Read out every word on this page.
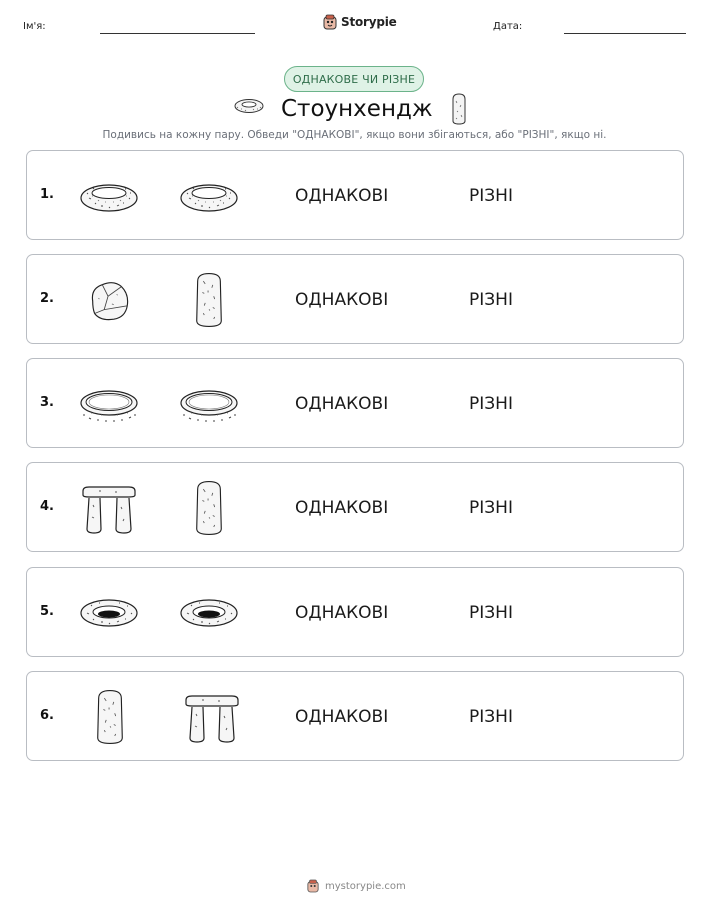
Ім'я:	Storypie	Дата:
ОДНАКОВЕ ЧИ РІЗНЕ
Стоунхендж
Подивись на кожну пару. Обведи "ОДНАКОВІ", якщо вони збігаються, або "РІЗНІ", якщо ні.
1.	ОДНАКОВІ	РІЗНІ
2.	ОДНАКОВІ	РІЗНІ
3.	ОДНАКОВІ	РІЗНІ
4.	ОДНАКОВІ	РІЗНІ
5.	ОДНАКОВІ	РІЗНІ
6.	ОДНАКОВІ	РІЗНІ
mystorypie.com
